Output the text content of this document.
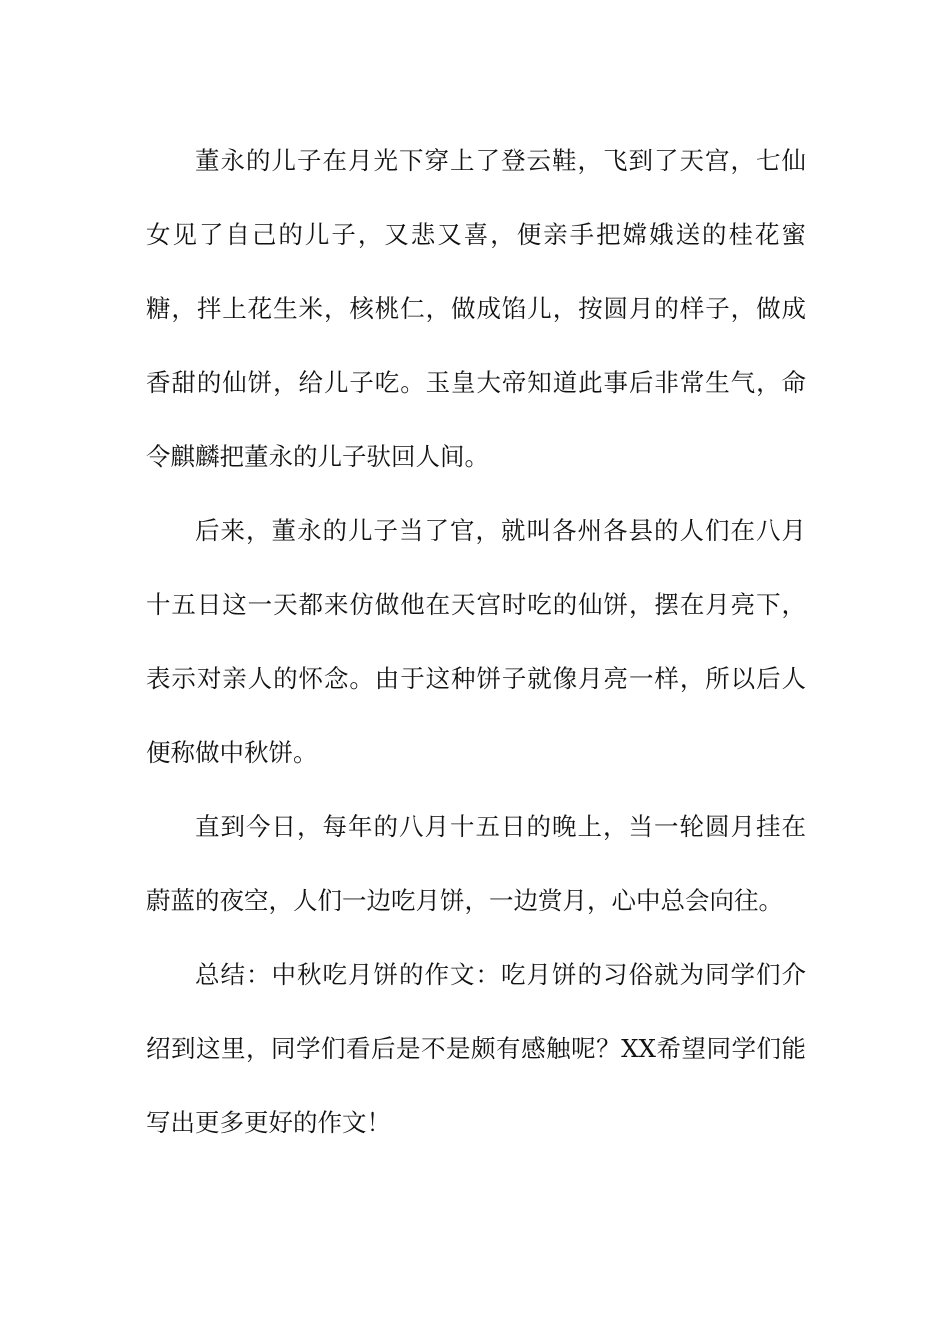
董永的儿子在月光下穿上了登云鞋，飞到了天宫，七仙女见了自己的儿子，又悲又喜，便亲手把嫦娥送的桂花蜜糖，拌上花生米，核桃仁，做成馅儿，按圆月的样子，做成香甜的仙饼，给儿子吃。玉皇大帝知道此事后非常生气，命令麒麟把董永的儿子驮回人间。

后来，董永的儿子当了官，就叫各州各县的人们在八月十五日这一天都来仿做他在天宫时吃的仙饼，摆在月亮下，表示对亲人的怀念。由于这种饼子就像月亮一样，所以后人便称做中秋饼。

直到今日，每年的八月十五日的晚上，当一轮圆月挂在蔚蓝的夜空，人们一边吃月饼，一边赏月，心中总会向往。

总结：中秋吃月饼的作文：吃月饼的习俗就为同学们介绍到这里，同学们看后是不是颇有感触呢？XX希望同学们能写出更多更好的作文！
